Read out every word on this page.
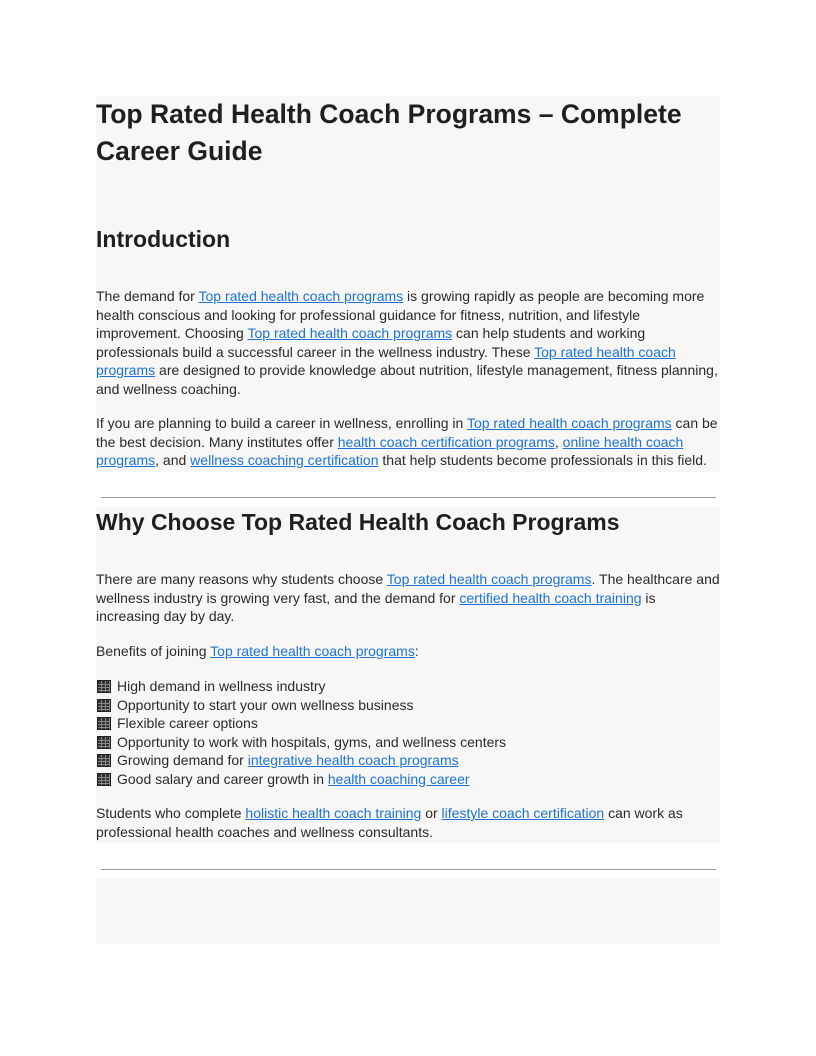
Top Rated Health Coach Programs – Complete Career Guide
Introduction

The demand for Top rated health coach programs is growing rapidly as people are becoming more health conscious and looking for professional guidance for fitness, nutrition, and lifestyle improvement. Choosing Top rated health coach programs can help students and working professionals build a successful career in the wellness industry. These Top rated health coach programs are designed to provide knowledge about nutrition, lifestyle management, fitness planning, and wellness coaching.

If you are planning to build a career in wellness, enrolling in Top rated health coach programs can be the best decision. Many institutes offer health coach certification programs, online health coach programs, and wellness coaching certification that help students become professionals in this field.

Why Choose Top Rated Health Coach Programs

There are many reasons why students choose Top rated health coach programs. The healthcare and wellness industry is growing very fast, and the demand for certified health coach training is increasing day by day.

Benefits of joining Top rated health coach programs:

High demand in wellness industry
Opportunity to start your own wellness business
Flexible career options
Opportunity to work with hospitals, gyms, and wellness centers
Growing demand for integrative health coach programs
Good salary and career growth in health coaching career

Students who complete holistic health coach training or lifestyle coach certification can work as professional health coaches and wellness consultants.
